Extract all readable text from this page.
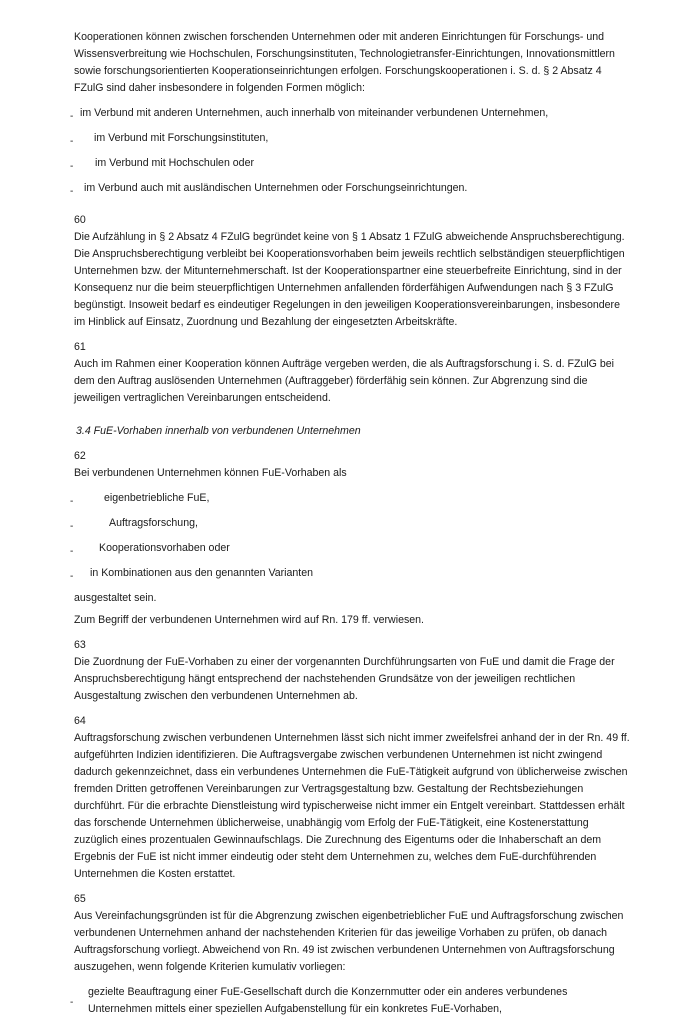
Kooperationen können zwischen forschenden Unternehmen oder mit anderen Einrichtungen für Forschungs- und Wissensverbreitung wie Hochschulen, Forschungsinstituten, Technologietransfer-Einrichtungen, Innovationsmittlern sowie forschungsorientierten Kooperationseinrichtungen erfolgen. Forschungskooperationen i. S. d. § 2 Absatz 4 FZulG sind daher insbesondere in folgenden Formen möglich:

- im Verbund mit anderen Unternehmen, auch innerhalb von miteinander verbundenen Unternehmen,
- im Verbund mit Forschungsinstituten,
- im Verbund mit Hochschulen oder
- im Verbund auch mit ausländischen Unternehmen oder Forschungseinrichtungen.

60

Die Aufzählung in § 2 Absatz 4 FZulG begründet keine von § 1 Absatz 1 FZulG abweichende Anspruchsberechtigung. Die Anspruchsberechtigung verbleibt bei Kooperationsvorhaben beim jeweils rechtlich selbständigen steuerpflichtigen Unternehmen bzw. der Mitunternehmerschaft. Ist der Kooperationspartner eine steuerbefreite Einrichtung, sind in der Konsequenz nur die beim steuerpflichtigen Unternehmen anfallenden förderfähigen Aufwendungen nach § 3 FZulG begünstigt. Insoweit bedarf es eindeutiger Regelungen in den jeweiligen Kooperationsvereinbarungen, insbesondere im Hinblick auf Einsatz, Zuordnung und Bezahlung der eingesetzten Arbeitskräfte.

61

Auch im Rahmen einer Kooperation können Aufträge vergeben werden, die als Auftragsforschung i. S. d. FZulG bei dem den Auftrag auslösenden Unternehmen (Auftraggeber) förderfähig sein können. Zur Abgrenzung sind die jeweiligen vertraglichen Vereinbarungen entscheidend.

3.4 FuE-Vorhaben innerhalb von verbundenen Unternehmen

62

Bei verbundenen Unternehmen können FuE-Vorhaben als

-	eigenbetriebliche FuE,
-	Auftragsforschung,
- Kooperationsvorhaben oder
- in Kombinationen aus den genannten Varianten

ausgestaltet sein.

Zum Begriff der verbundenen Unternehmen wird auf Rn. 179 ff. verwiesen.

63

Die Zuordnung der FuE-Vorhaben zu einer der vorgenannten Durchführungsarten von FuE und damit die Frage der Anspruchsberechtigung hängt entsprechend der nachstehenden Grundsätze von der jeweiligen rechtlichen Ausgestaltung zwischen den verbundenen Unternehmen ab.

64

Auftragsforschung zwischen verbundenen Unternehmen lässt sich nicht immer zweifelsfrei anhand der in der Rn. 49 ff. aufgeführten Indizien identifizieren. Die Auftragsvergabe zwischen verbundenen Unternehmen ist nicht zwingend dadurch gekennzeichnet, dass ein verbundenes Unternehmen die FuE-Tätigkeit aufgrund von üblicherweise zwischen fremden Dritten getroffenen Vereinbarungen zur Vertragsgestaltung bzw. Gestaltung der Rechtsbeziehungen durchführt. Für die erbrachte Dienstleistung wird typischerweise nicht immer ein Entgelt vereinbart. Stattdessen erhält das forschende Unternehmen üblicherweise, unabhängig vom Erfolg der FuE-Tätigkeit, eine Kostenerstattung zuzüglich eines prozentualen Gewinnaufschlags. Die Zurechnung des Eigentums oder die Inhaberschaft an dem Ergebnis der FuE ist nicht immer eindeutig oder steht dem Unternehmen zu, welches dem FuE-durchführenden Unternehmen die Kosten erstattet.

65

Aus Vereinfachungsgründen ist für die Abgrenzung zwischen eigenbetrieblicher FuE und Auftragsforschung zwischen verbundenen Unternehmen anhand der nachstehenden Kriterien für das jeweilige Vorhaben zu prüfen, ob danach Auftragsforschung vorliegt. Abweichend von Rn. 49 ist zwischen verbundenen Unternehmen von Auftragsforschung auszugehen, wenn folgende Kriterien kumulativ vorliegen:

-
gezielte Beauftragung einer FuE-Gesellschaft durch die Konzernmutter oder ein anderes verbundenes Unternehmen mittels einer speziellen Aufgabenstellung für ein konkretes FuE-Vorhaben,
